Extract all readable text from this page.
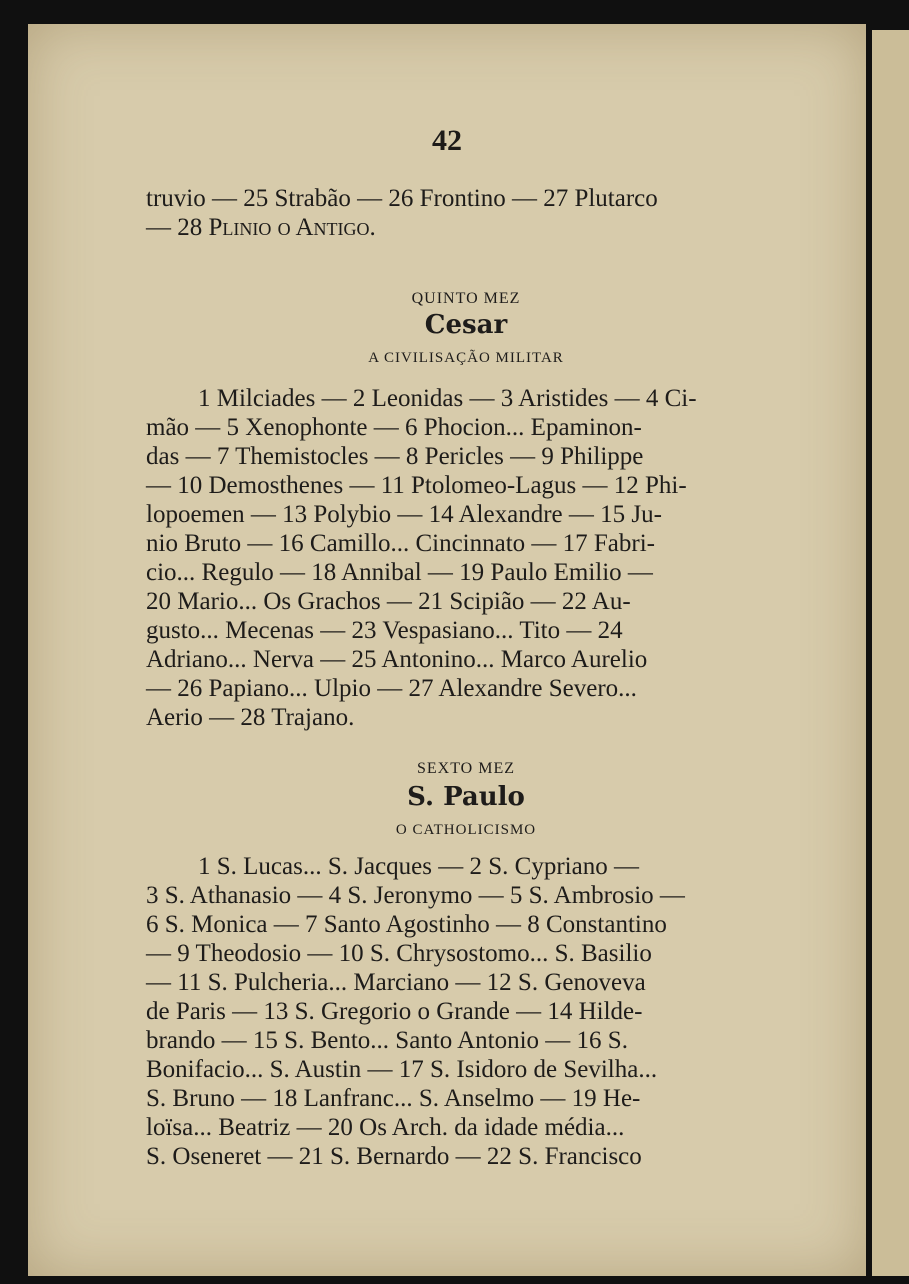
42
truvio — 25 Strabão — 26 Frontino — 27 Plutarco
— 28 Plinio o Antigo.
QUINTO MEZ
Cesar
A CIVILISAÇÃO MILITAR
1 Milciades — 2 Leonidas — 3 Aristides — 4 Ci-
mão — 5 Xenophonte — 6 Phocion... Epaminon-
das — 7 Themistocles — 8 Pericles — 9 Philippe
— 10 Demosthenes — 11 Ptolomeo-Lagus — 12 Phi-
lopoemen — 13 Polybio — 14 Alexandre — 15 Ju-
nio Bruto — 16 Camillo... Cincinnato — 17 Fabri-
cio... Regulo — 18 Annibal — 19 Paulo Emilio —
20 Mario... Os Grachos — 21 Scipião — 22 Au-
gusto... Mecenas — 23 Vespasiano... Tito — 24
Adriano... Nerva — 25 Antonino... Marco Aurelio
— 26 Papiano... Ulpio — 27 Alexandre Severo...
Aerio — 28 Trajano.
SEXTO MEZ
S. Paulo
O CATHOLICISMO
1 S. Lucas... S. Jacques — 2 S. Cypriano —
3 S. Athanasio — 4 S. Jeronymo — 5 S. Ambrosio —
6 S. Monica — 7 Santo Agostinho — 8 Constantino
— 9 Theodosio — 10 S. Chrysostomo... S. Basilio
— 11 S. Pulcheria... Marciano — 12 S. Genoveva
de Paris — 13 S. Gregorio o Grande — 14 Hilde-
brando — 15 S. Bento... Santo Antonio — 16 S.
Bonifacio... S. Austin — 17 S. Isidoro de Sevilha...
S. Bruno — 18 Lanfranc... S. Anselmo — 19 He-
loïsa... Beatriz — 20 Os Arch. da idade média...
S. Oseneret — 21 S. Bernardo — 22 S. Francisco
